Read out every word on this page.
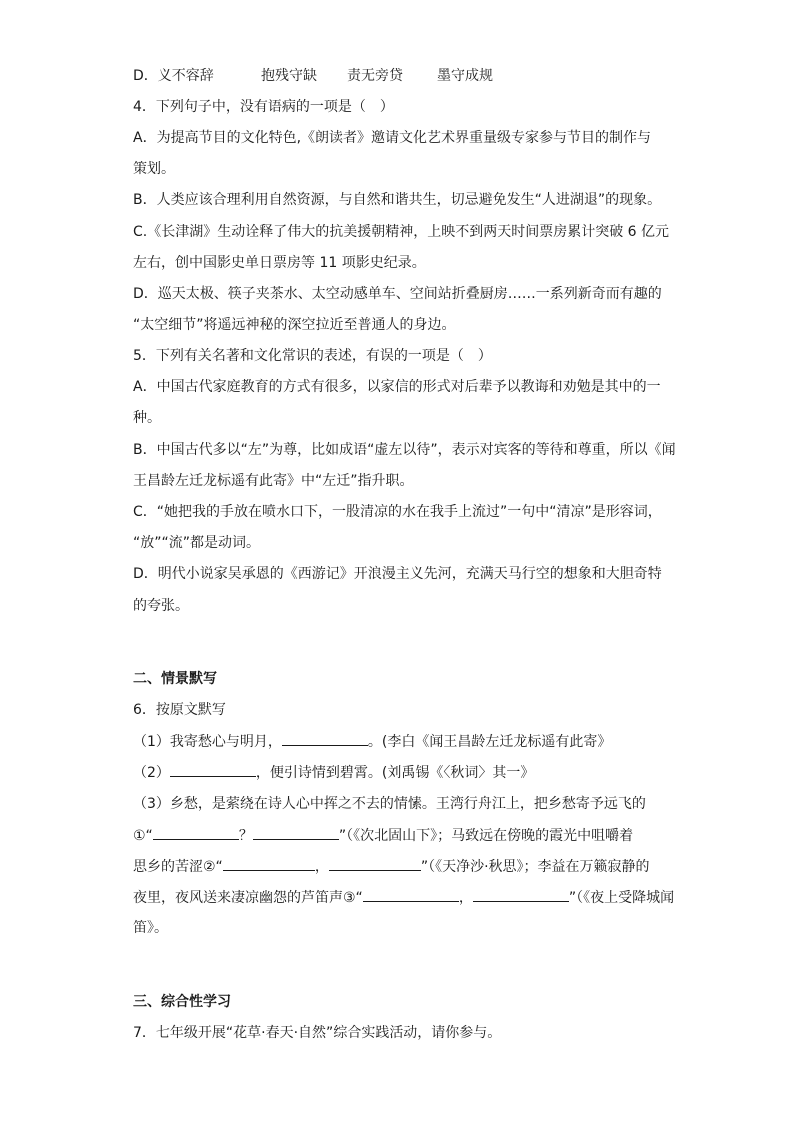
D．义不容辞	抱残守缺 责无旁贷 墨守成规
4．下列句子中，没有语病的一项是（　）
A．为提高节目的文化特色,《朗读者》邀请文化艺术界重量级专家参与节目的制作与
策划。
B．人类应该合理利用自然资源，与自然和谐共生，切忌避免发生“人进湖退”的现象。
C.《长津湖》生动诠释了伟大的抗美援朝精神，上映不到两天时间票房累计突破 6 亿元
左右，创中国影史单日票房等 11 项影史纪录。
D．巡天太极、筷子夹茶水、太空动感单车、空间站折叠厨房……一系列新奇而有趣的
“太空细节”将遥远神秘的深空拉近至普通人的身边。
5．下列有关名著和文化常识的表述，有误的一项是（　）
A．中国古代家庭教育的方式有很多，以家信的形式对后辈予以教诲和劝勉是其中的一
种。
B．中国古代多以“左”为尊，比如成语“虚左以待”，表示对宾客的等待和尊重，所以《闻
王昌龄左迁龙标遥有此寄》中“左迁”指升职。
C．“她把我的手放在喷水口下，一股清凉的水在我手上流过”一句中“清凉”是形容词，
“放”“流”都是动词。
D．明代小说家吴承恩的《西游记》开浪漫主义先河，充满天马行空的想象和大胆奇特
的夸张。
二、情景默写
6．按原文默写
（1）我寄愁心与明月，	。(李白《闻王昌龄左迁龙标遥有此寄》
（2）	，便引诗情到碧霄。(刘禹锡《〈秋词〉其一》
（3）乡愁，是萦绕在诗人心中挥之不去的情愫。王湾行舟江上，把乡愁寄予远飞的
①“	？	”（《次北固山下》；马致远在傍晚的霞光中咀嚼着
思乡的苦涩②“	，	”（《天净沙·秋思》；李益在万籁寂静的
夜里，夜风送来凄凉幽怨的芦笛声③“	，	”（《夜上受降城闻
笛》。
三、综合性学习
7．七年级开展“花草·春天·自然”综合实践活动，请你参与。
